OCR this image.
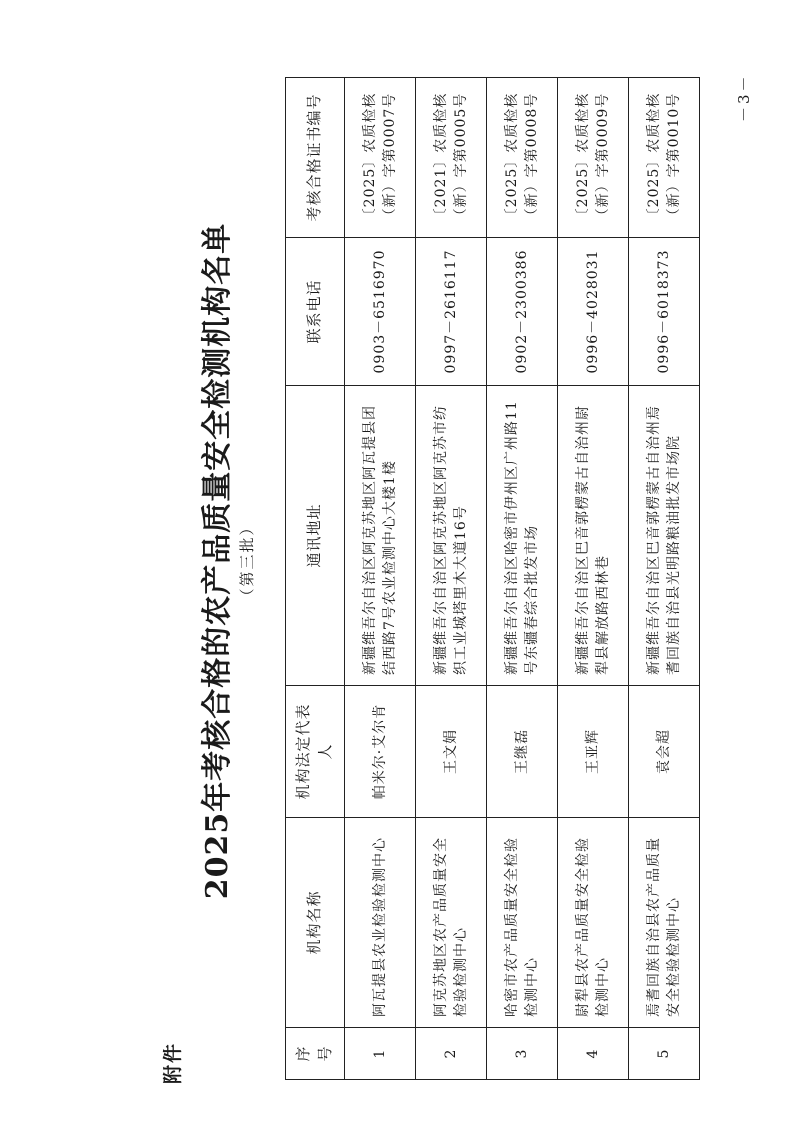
附件
2025年考核合格的农产品质量安全检测机构名单 （第三批）
序号	机构名称	机构法定代表人	通讯地址	联系电话	考核合格证书编号
1	阿瓦提县农业检验检测中心	帕米尔·艾尔肯	新疆维吾尔自治区阿克苏地区阿瓦提县团结西路7号农业检测中心大楼1楼	0903－6516970	〔2025〕农质检核（新）字第0007号
2	阿克苏地区农产品质量安全检验检测中心	王文娟	新疆维吾尔自治区阿克苏地区阿克苏市纺织工业城塔里木大道16号	0997－2616117	〔2021〕农质检核（新）字第0005号
3	哈密市农产品质量安全检验检测中心	王继磊	新疆维吾尔自治区哈密市伊州区广州路11号东疆春综合批发市场	0902－2300386	〔2025〕农质检核（新）字第0008号
4	尉犁县农产品质量安全检验检测中心	王亚辉	新疆维吾尔自治区巴音郭楞蒙古自治州尉犁县解放路西林巷	0996－4028031	〔2025〕农质检核（新）字第0009号
5	焉耆回族自治县农产品质量安全检验检测中心	袁会超	新疆维吾尔自治区巴音郭楞蒙古自治州焉耆回族自治县光明路粮油批发市场院	0996－6018373	〔2025〕农质检核（新）字第0010号	－3－
